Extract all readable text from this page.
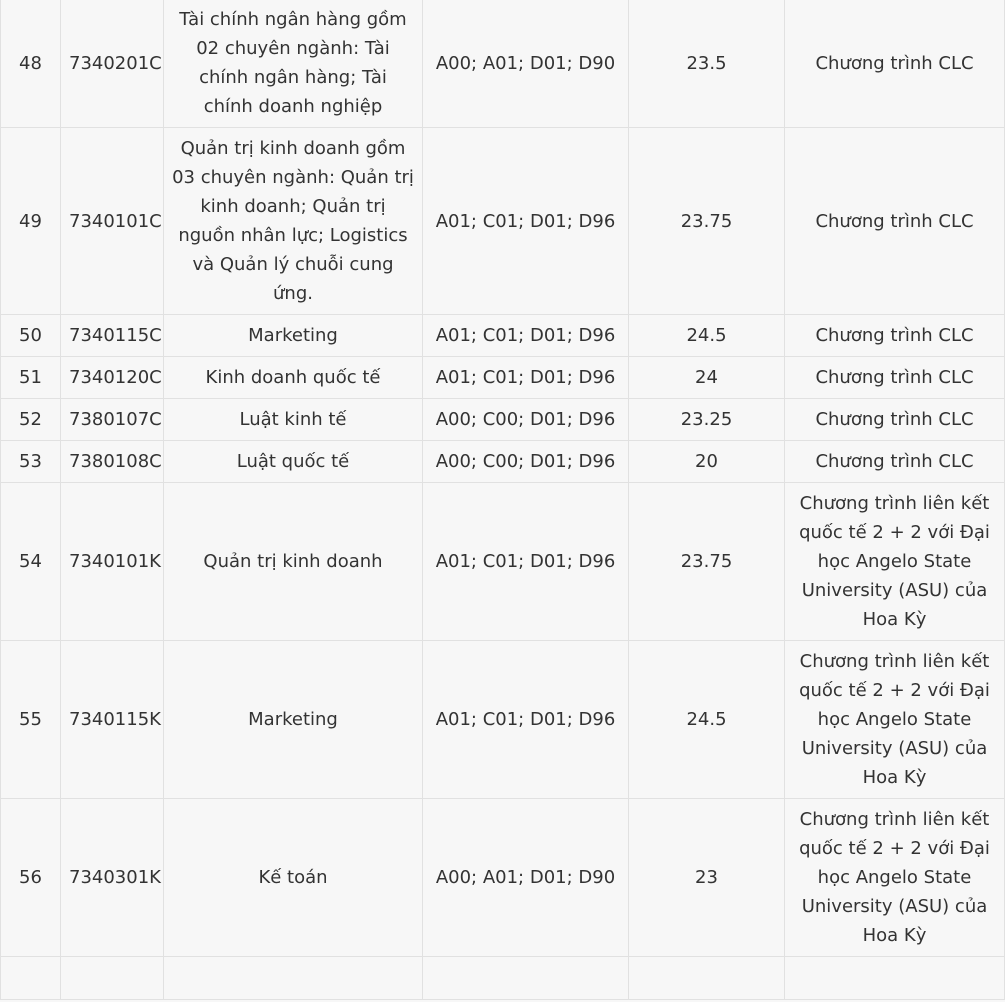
48	7340201C	Tài chính ngân hàng gồm 02 chuyên ngành: Tài chính ngân hàng; Tài chính doanh nghiệp	A00; A01; D01; D90	23.5	Chương trình CLC
49	7340101C	Quản trị kinh doanh gồm 03 chuyên ngành: Quản trị kinh doanh; Quản trị nguồn nhân lực; Logistics và Quản lý chuỗi cung ứng.	A01; C01; D01; D96	23.75	Chương trình CLC
50	7340115C	Marketing	A01; C01; D01; D96	24.5	Chương trình CLC
51	7340120C	Kinh doanh quốc tế	A01; C01; D01; D96	24	Chương trình CLC
52	7380107C	Luật kinh tế	A00; C00; D01; D96	23.25	Chương trình CLC
53	7380108C	Luật quốc tế	A00; C00; D01; D96	20	Chương trình CLC
54	7340101K	Quản trị kinh doanh	A01; C01; D01; D96	23.75	Chương trình liên kết quốc tế 2 + 2 với Đại học Angelo State University (ASU) của Hoa Kỳ
55	7340115K	Marketing	A01; C01; D01; D96	24.5	Chương trình liên kết quốc tế 2 + 2 với Đại học Angelo State University (ASU) của Hoa Kỳ
56	7340301K	Kế toán	A00; A01; D01; D90	23	Chương trình liên kết quốc tế 2 + 2 với Đại học Angelo State University (ASU) của Hoa Kỳ
